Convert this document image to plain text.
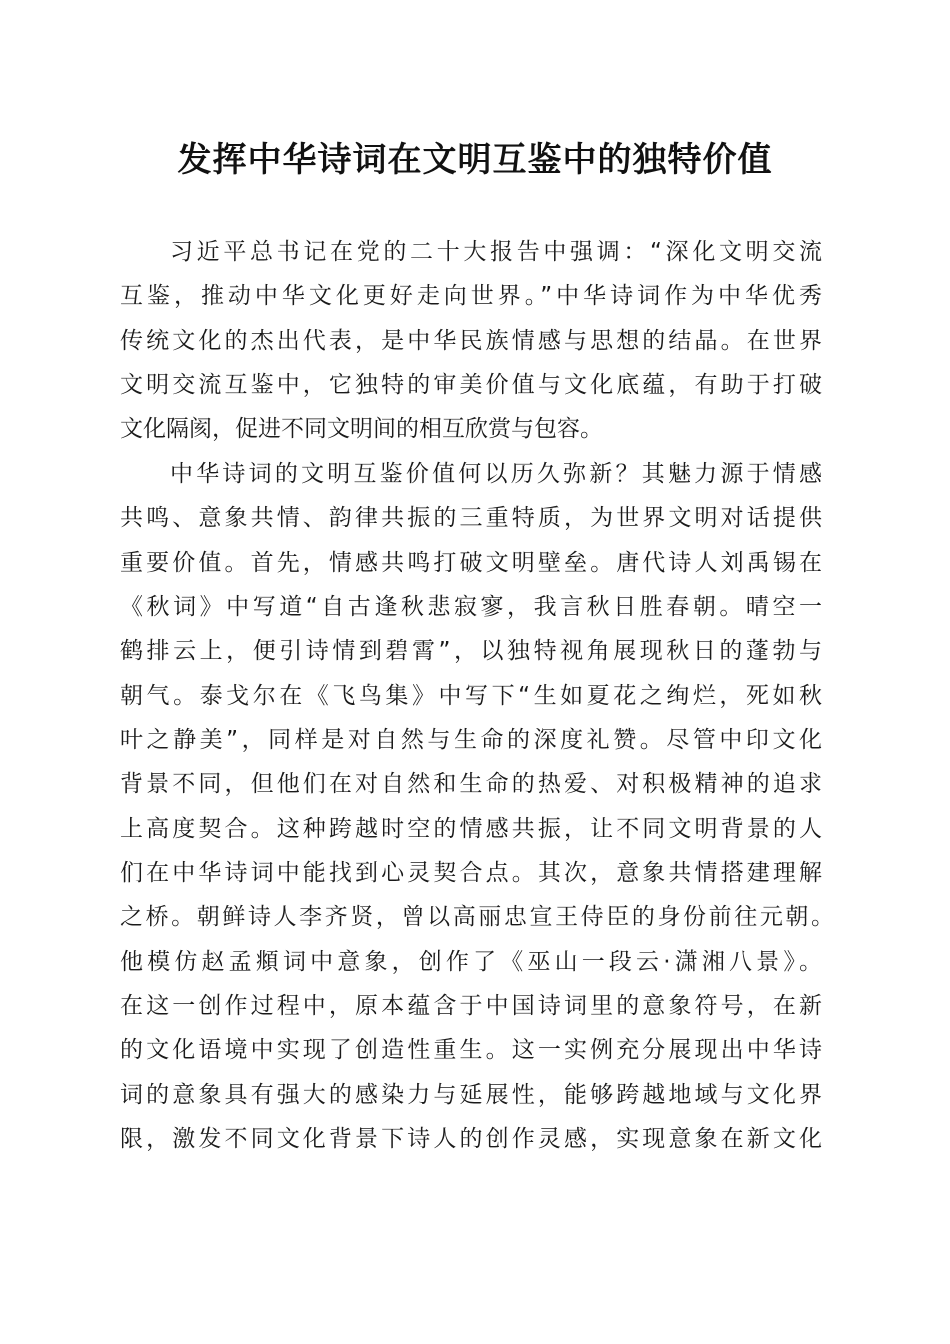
发挥中华诗词在文明互鉴中的独特价值
习近平总书记在党的二十大报告中强调：“深化文明交流
互鉴，推动中华文化更好走向世界。”中华诗词作为中华优秀
传统文化的杰出代表，是中华民族情感与思想的结晶。在世界
文明交流互鉴中，它独特的审美价值与文化底蕴，有助于打破
文化隔阂，促进不同文明间的相互欣赏与包容。
中华诗词的文明互鉴价值何以历久弥新？其魅力源于情感
共鸣、意象共情、韵律共振的三重特质，为世界文明对话提供
重要价值。首先，情感共鸣打破文明壁垒。唐代诗人刘禹锡在
《秋词》中写道“自古逢秋悲寂寥，我言秋日胜春朝。晴空一
鹤排云上，便引诗情到碧霄”，以独特视角展现秋日的蓬勃与
朝气。泰戈尔在《飞鸟集》中写下“生如夏花之绚烂，死如秋
叶之静美”，同样是对自然与生命的深度礼赞。尽管中印文化
背景不同，但他们在对自然和生命的热爱、对积极精神的追求
上高度契合。这种跨越时空的情感共振，让不同文明背景的人
们在中华诗词中能找到心灵契合点。其次，意象共情搭建理解
之桥。朝鲜诗人李齐贤，曾以高丽忠宣王侍臣的身份前往元朝。
他模仿赵孟頫词中意象，创作了《巫山一段云·潇湘八景》。
在这一创作过程中，原本蕴含于中国诗词里的意象符号，在新
的文化语境中实现了创造性重生。这一实例充分展现出中华诗
词的意象具有强大的感染力与延展性，能够跨越地域与文化界
限，激发不同文化背景下诗人的创作灵感，实现意象在新文化
